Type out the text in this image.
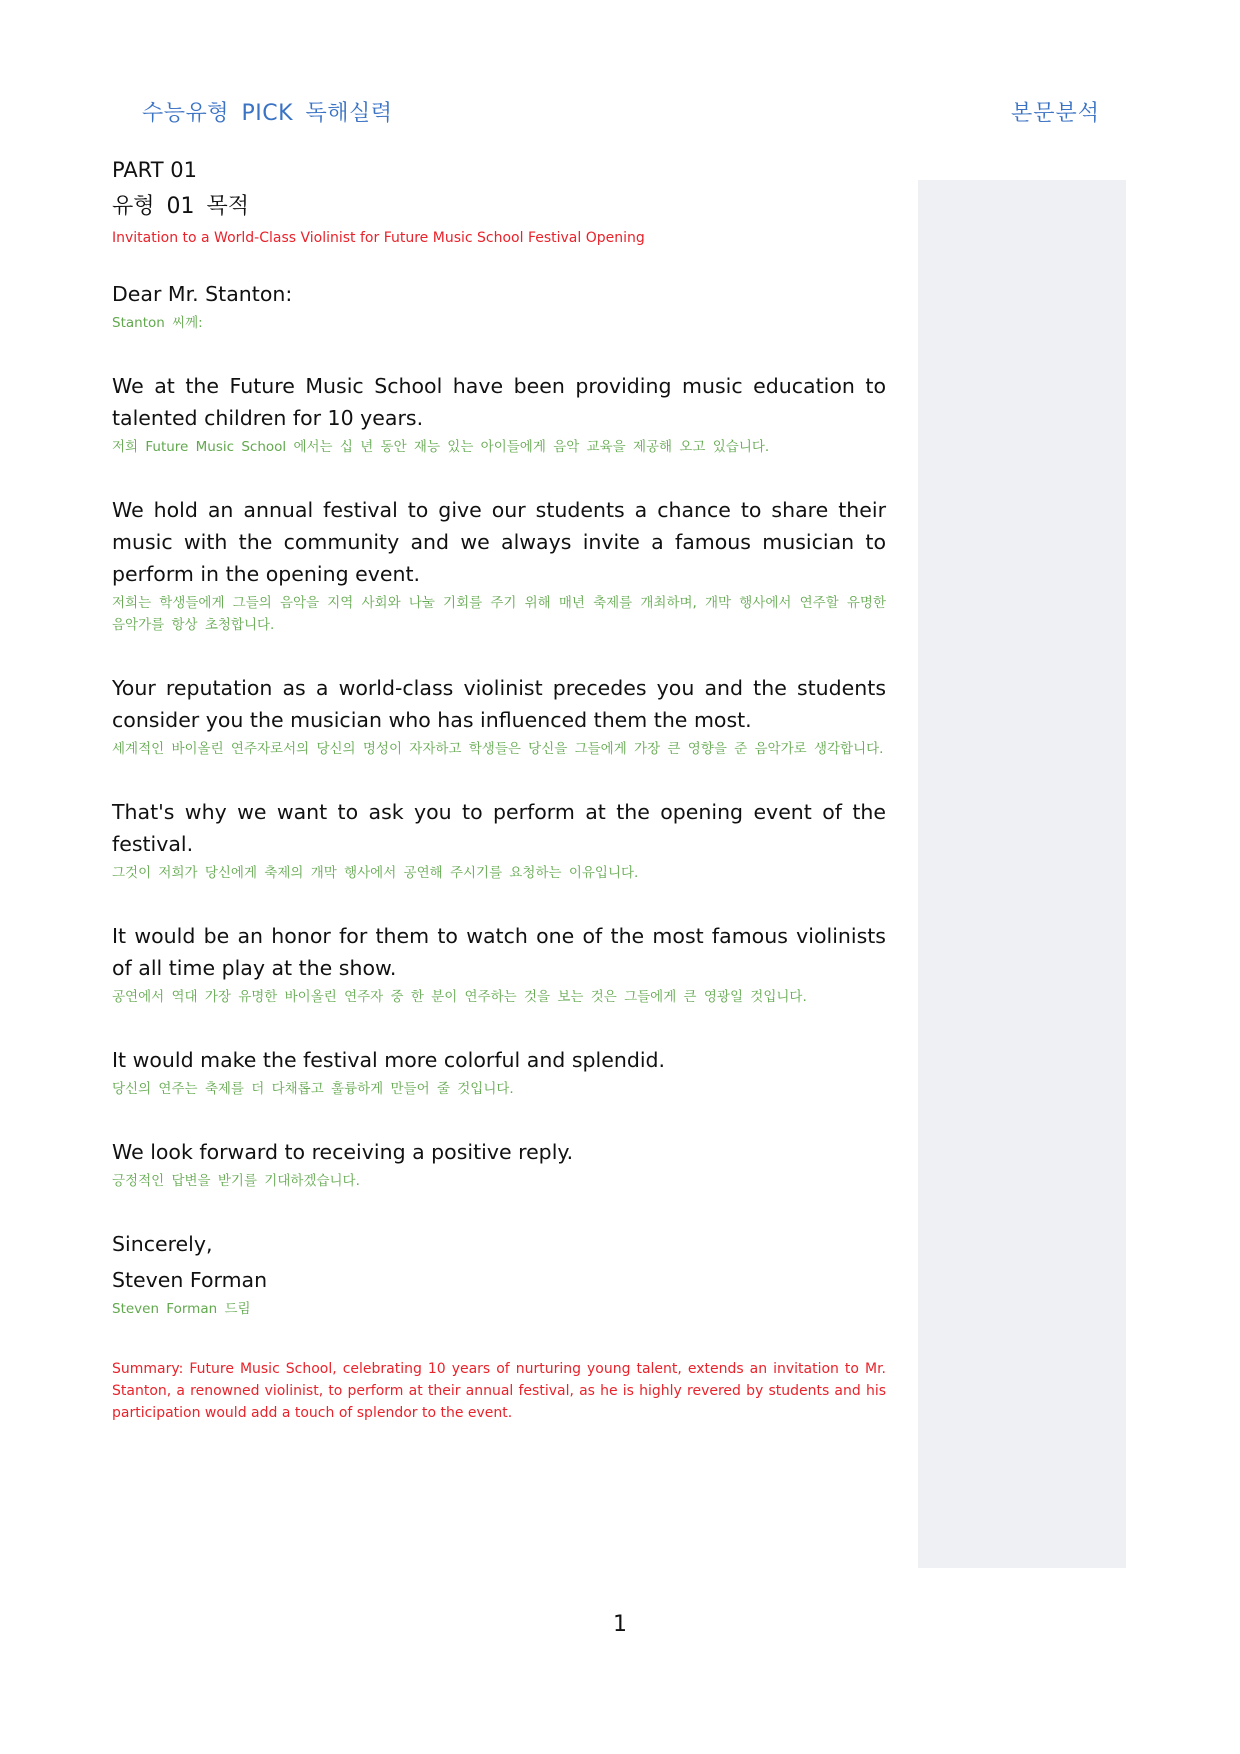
수능유형 PICK 독해실력	본문분석
PART 01
유형 01 목적
Invitation to a World-Class Violinist for Future Music School Festival Opening
Dear Mr. Stanton:
Stanton 씨께:
We at the Future Music School have been providing music education to talented children for 10 years.
저희 Future Music School 에서는 십 년 동안 재능 있는 아이들에게 음악 교육을 제공해 오고 있습니다.
We hold an annual festival to give our students a chance to share their music with the community and we always invite a famous musician to perform in the opening event.
저희는 학생들에게 그들의 음악을 지역 사회와 나눌 기회를 주기 위해 매년 축제를 개최하며, 개막 행사에서 연주할 유명한 음악가를 항상 초청합니다.
Your reputation as a world-class violinist precedes you and the students consider you the musician who has influenced them the most.
세계적인 바이올린 연주자로서의 당신의 명성이 자자하고 학생들은 당신을 그들에게 가장 큰 영향을 준 음악가로 생각합니다.
That's why we want to ask you to perform at the opening event of the festival.
그것이 저희가 당신에게 축제의 개막 행사에서 공연해 주시기를 요청하는 이유입니다.
It would be an honor for them to watch one of the most famous violinists of all time play at the show.
공연에서 역대 가장 유명한 바이올린 연주자 중 한 분이 연주하는 것을 보는 것은 그들에게 큰 영광일 것입니다.
It would make the festival more colorful and splendid.
당신의 연주는 축제를 더 다채롭고 훌륭하게 만들어 줄 것입니다.
We look forward to receiving a positive reply.
긍정적인 답변을 받기를 기대하겠습니다.
Sincerely,
Steven Forman
Steven Forman 드림
Summary: Future Music School, celebrating 10 years of nurturing young talent, extends an invitation to Mr. Stanton, a renowned violinist, to perform at their annual festival, as he is highly revered by students and his participation would add a touch of splendor to the event.
1
